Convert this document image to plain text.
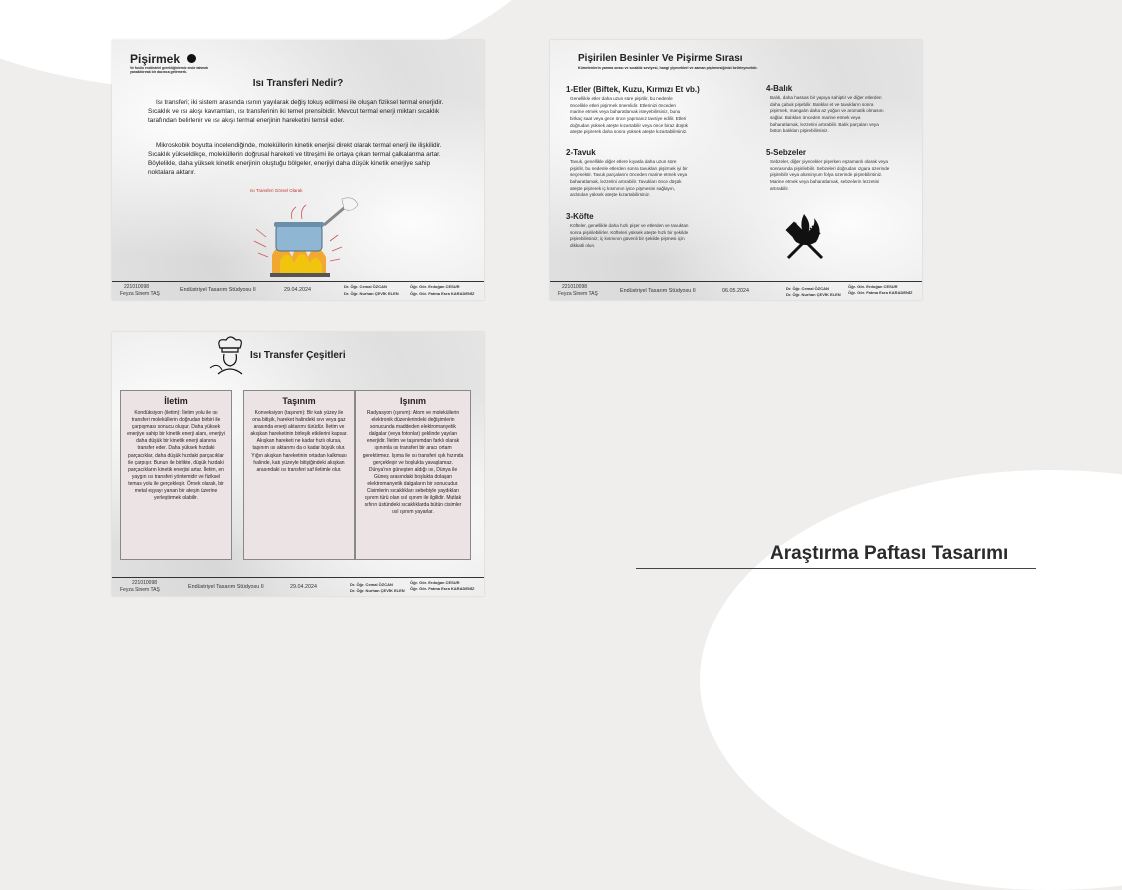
Pişirmek
Ve fosilu endüstriel gerekliğiniemiz ende tahmek yanaklılırırak bir dacınca getirmerk.
Isı Transferi Nedir?
Isı transferi; iki sistem arasında ısının yayılarak değiş tokuş edilmesi ile oluşan fiziksel termal enerjidir. Sıcaklık ve ısı akışı kavramları, ısı transferinin iki temel prensibidir. Mevcut termal enerji miktarı sıcaklık tarafından belirlenir ve ısı akışı termal enerjinin hareketini temsil eder.
Mikroskobik boyutta incelendiğinde, moleküllerin kinetik enerjisi direkt olarak termal enerji ile ilişkilidir. Sıcaklık yükseldikçe, moleküllerin doğrusal hareketi ve titreşimi ile ortaya çıkan termal çalkalanma artar. Böylelikle, daha yüksek kinetik enerjinin oluştuğu bölgeler, enerjiyi daha düşük kinetik enerjiye sahip noktalara aktarır.
Isı Transferi Görsel Olarak
221010098
Feyza Sinem TAŞ
Endüstriyel Tasarım Stüdyosu II	29.04.2024
Dr. Öğr. Cemal ÖZCAN
Dr. Öğr. Nurhan ÇEVİK ELEN
Öğr. Gör. Erdoğan CESUR
Öğr. Gör. Fatma Esra KARADENİZ
Pişirilen Besinler Ve Pişirme Sırası
Kümelenlerin yanma sırası ve sıcaklık seviyesi, hangi yiyecekleri ve zaman pişirmesiğinizi belirleyecektir.
1-Etler (Biftek, Kuzu, Kırmızı Et vb.)
Genellikle etler daha uzun süre pişirilir, bu nedenle öncelikle etleri pişirmek önemlidir. Etlerinizi önceden marine etmek veya baharatlamak isteyebilirsiniz, bunu birkaç saat veya gece önce yapmanız tavsiye edilir. Etleri doğrudan yüksek ateşte kızartabilir veya önce biraz düşük ateşte pişirerek daha sonra yüksek ateşte kızartabilirsiniz.
2-Tavuk
Tavuk, genellikle diğer etlere kıyasla daha uzun süre pişirilir, bu nedenle etlerden sonra tavukları pişirmek iyi bir seçenektir. Tavuk parçalarını önceden marine etmek veya baharatlamak, lezzetini artırabilir. Tavukları önce düşük ateşte pişirerek iç kısmının iyice pişmesini sağlayın, ardından yüksek ateşte kızartabilirsiniz.
3-Köfte
Köfteler, genellikle daha hızlı pişer ve etlerden ve tavuktan sonra pişirilebilirler. Köfteleri yüksek ateşte hızlı bir şekilde pişirebilirsiniz; iç kısmının güvenli bir şekilde pişmesi için dikkatli olun.
4-Balık
Balık, daha hassas bir yapıya sahiptir ve diğer etlerden daha çabuk pişebilir. Balıklar et ve tavukların sonra pişirmek, mangalın daha az yoğun ve aromatik olmasını sağlar. Balıkları önceden marine etmek veya baharatlamak, lezzetini artırabilir. Balık parçaları veya bütün balıkları pişirebilirsiniz.
5-Sebzeler
Sebzeler, diğer yiyecekler pişerken eşzamanlı olarak veya sonrasında pişirilebilir. Sebzeleri doğrudan ızgara üzerinde pişirebilir veya alüminyum folya üzerinde pişirebilirsiniz. Marine etmek veya baharatlamak, sebzelerin lezzetini artırabilir.
221010098
Feyza Sinem TAŞ	Endüstriyel Tasarım Stüdyosu II	06.05.2024	Dr. Öğr. Cemal ÖZCAN
Dr. Öğr. Nurhan ÇEVİK ELEN
Öğr. Gör. Erdoğan CESUR
Öğr. Gör. Fatma Esra KARADENİZ
Isı Transfer Çeşitleri
İletim

Kondüksiyon (iletim): İletim yolu ile ısı transferi moleküllerin doğrudan birbiri ile çarpışması sonucu oluşur. Daha yüksek enerjiye sahip bir kinetik enerji alanı, enerjiyi daha düşük bir kinetik enerji alanına transfer eder. Daha yüksek hızdaki parçacıklar, daha düşük hızdaki parçacıklar ile çarpışır. Bunun ile birlikte, düşük hızdaki parçacıkların kinetik enerjisi artar. İletim, en yaygın ısı transferi yöntemidir ve fiziksel temas yolu ile gerçekleşir. Örnek olarak, bir metal eşyayı yanan bir ateşin üzerine yerleştirmek olabilir.

Taşınım

Konveksiyon (taşınım): Bir katı yüzey ile ona bitişik, hareket halindeki sıvı veya gaz arasında enerji aktarımı türüdür. İletim ve akışkan hareketinin birleşik etkilerini kapsar. Akışkan hareketi ne kadar hızlı olursa, taşınım ısı aktarımı da o kadar büyük olur. Yığın akışkan hareketinin ortadan kalkması halinde, katı yüzeyle bitişiğindeki akışkan arasındaki ısı transferi saf iletimle olur.

Işınım

Radyasyon (ışınım): Atom ve moleküllerin elektronik düzenlerindeki değişimlerin sonucunda maddeden elektromanyetik dalgalar (veya fotonlar) şeklinde yayılan enerjidir. İletim ve taşınımdan farklı olarak ışınımla ısı transferi bir aracı ortam gerektirmez. Işıma ile ısı transferi ışık hızında gerçekleşir ve boşlukta yavaşlamaz. Dünya'nın güneşten aldığı ısı, Dünya ile Güneş arasındaki boşlukta dolaşan elektromanyetik dalgaların bir sonucudur. Cisimlerin sıcaklıkları sebebiyle yaydıkları ışınım türü olan ısıl ışınım ile ilgilidir. Mutlak sıfırın üstündeki sıcaklıklarda bütün cisimler ısıl ışınım yayarlar.

221010098
Feyza Sinem TAŞ	Endüstriyel Tasarım Stüdyosu II	29.04.2024	Dr. Öğr. Cemal ÖZCAN
Dr. Öğr. Nurhan ÇEVİK ELEN
Öğr. Gör. Erdoğan CESUR
Öğr. Gör. Fatma Esra KARADENİZ
Araştırma Paftası Tasarımı
